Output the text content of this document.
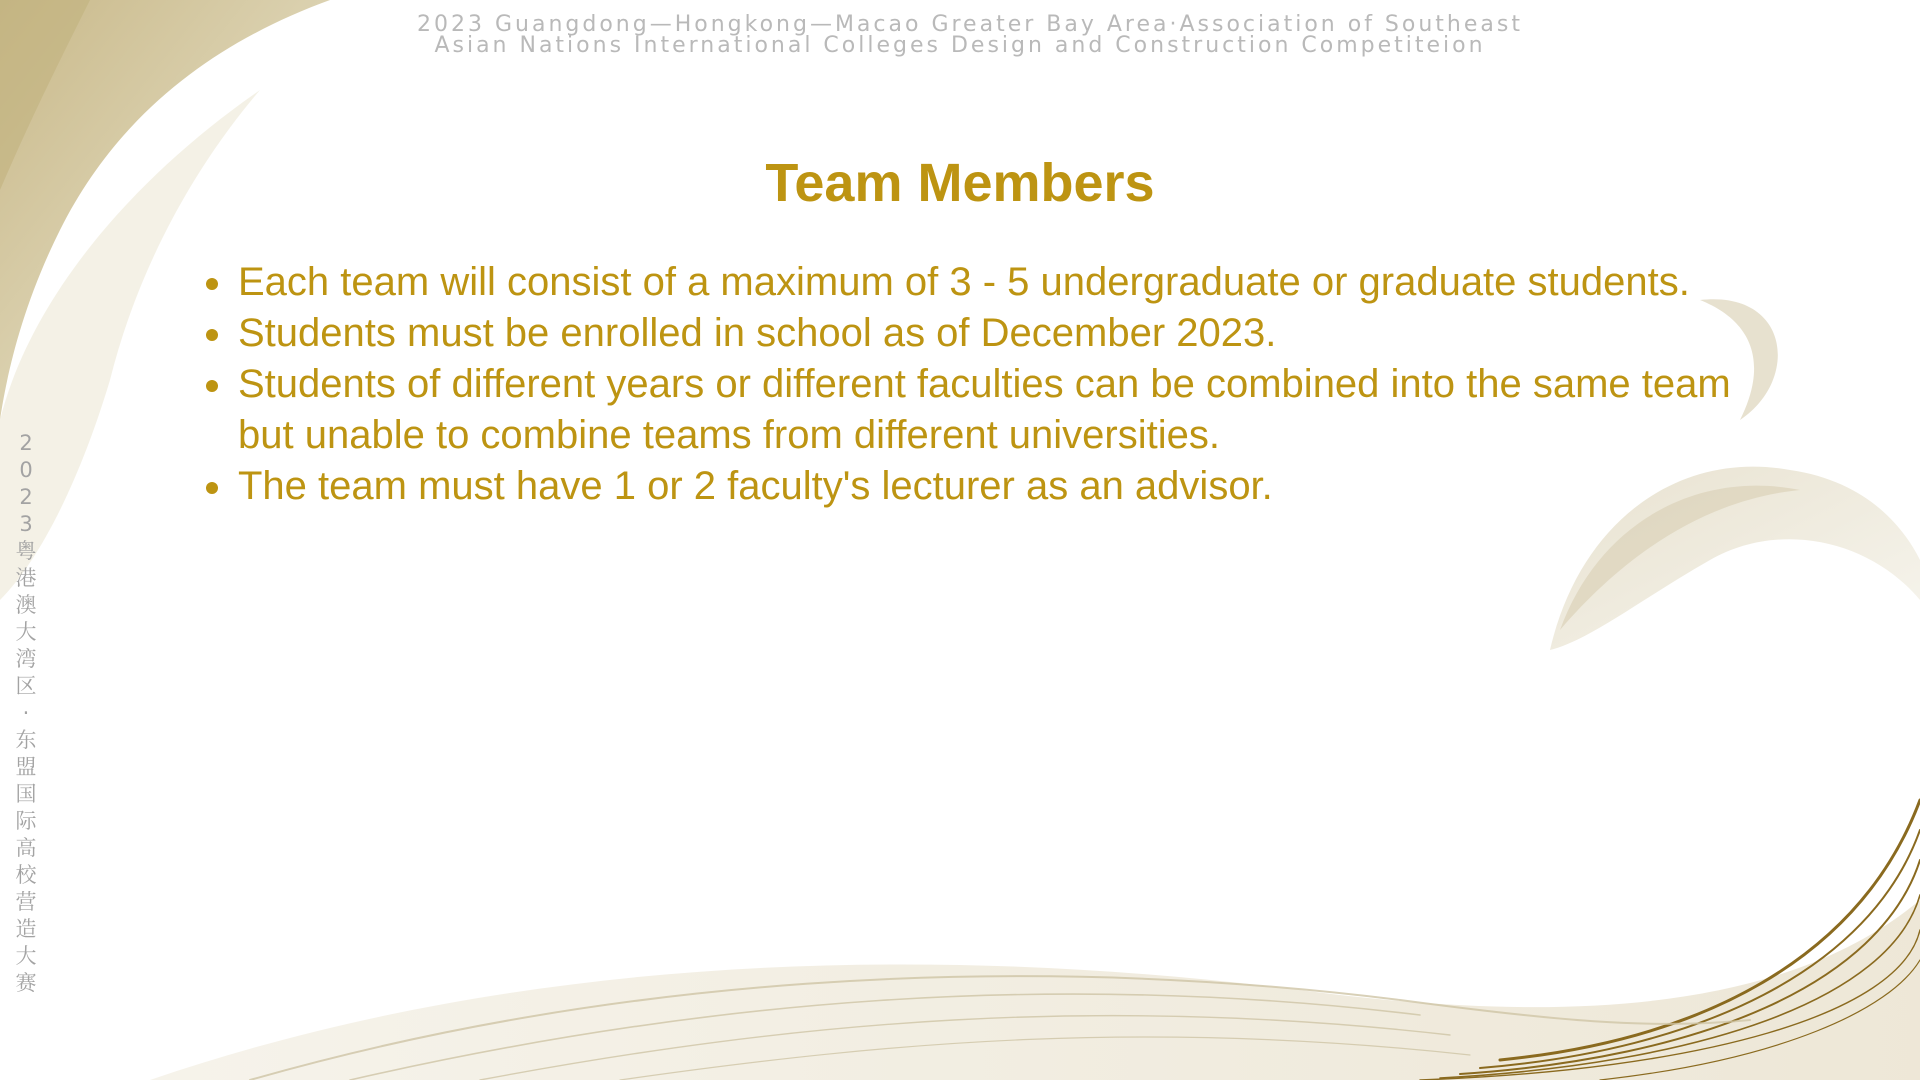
2023 Guangdong—Hongkong—Macao Greater Bay Area·Association of Southeast
Asian Nations International Colleges Design and Construction Competiteion
Team Members
Each team will consist of a maximum of 3 - 5 undergraduate or graduate students.
Students must be enrolled in school as of December 2023.
Students of different years or different faculties can be combined into the same team but unable to combine teams from different universities.
The team must have 1 or 2 faculty's lecturer as an advisor.
2023粤港澳大湾区·东盟国际高校营造大赛
